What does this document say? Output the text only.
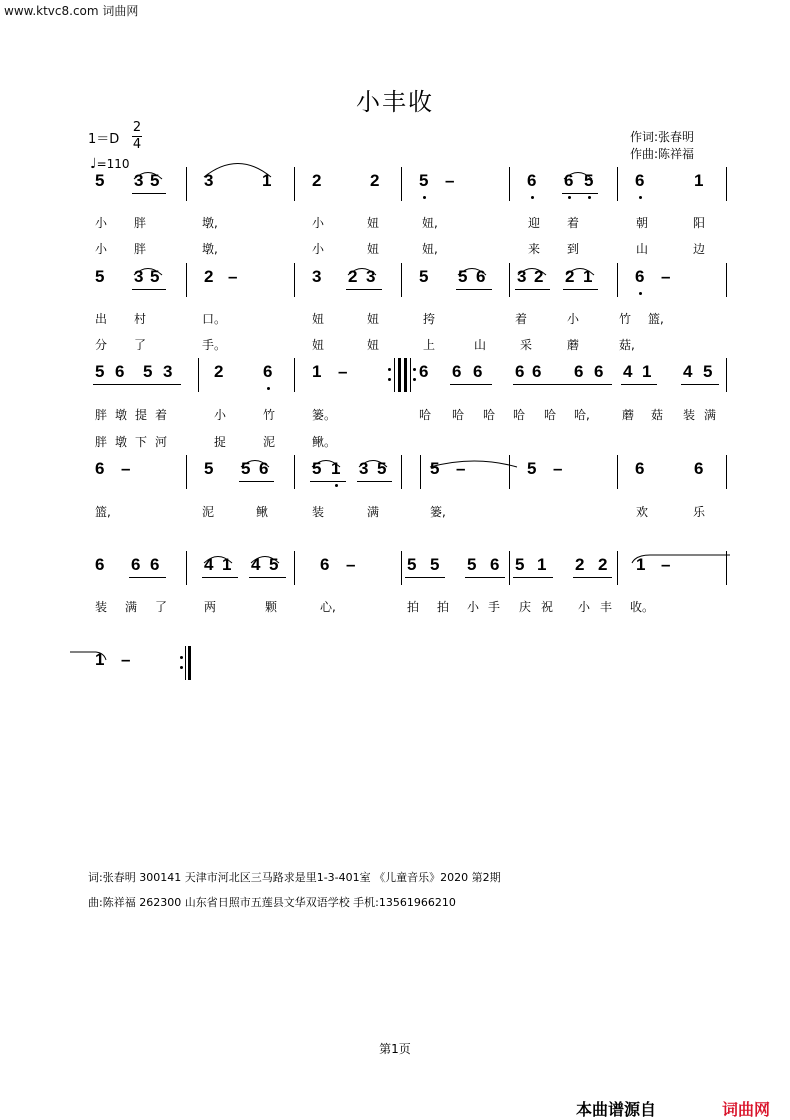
www.ktvc8.com 词曲网
小丰收
1＝D
2
4
♩=110
作词:张春明
作曲:陈祥福
5 3 5	3	1 2	2 5 –	6 6 5 6	1
小 胖	墩,	小	妞	妞,	迎 着	朝	阳
小 胖	墩,	小	妞	妞,	来 到	山	边
5 3 5	2 –	3 2 3	5 5 6 3 2 2 1	6 –
出 村	口。	妞	妞	挎	着	小	竹 篮,
分 了	手。	妞	妞	上	山	采	蘑	菇,
5 6 5 3 2 6 1 –	6 6 6 6 6 6 6 4 1 4 5
胖 墩 提 着	小	竹	篓。	哈 哈 哈 哈 哈 哈,	蘑 菇 装 满
胖 墩 下 河	捉	泥	鳅。
6 –	5 5 6	5 1 3 5	5 –	5 –	6	6
篮,	泥	鳅	装	满	篓,	欢	乐
6 6 6	4 1 4 5 6 –	5 5 5 6 5 1 2 2 1 –
装 满 了	两	颗	心,	拍 拍 小 手 庆 祝 小 丰 收。
1 –
词:张春明 300141 天津市河北区三马路求是里1-3-401室 《儿童音乐》2020 第2期
曲:陈祥福 262300 山东省日照市五莲县文华双语学校 手机:13561966210
第1页
本曲谱源自	词曲网
